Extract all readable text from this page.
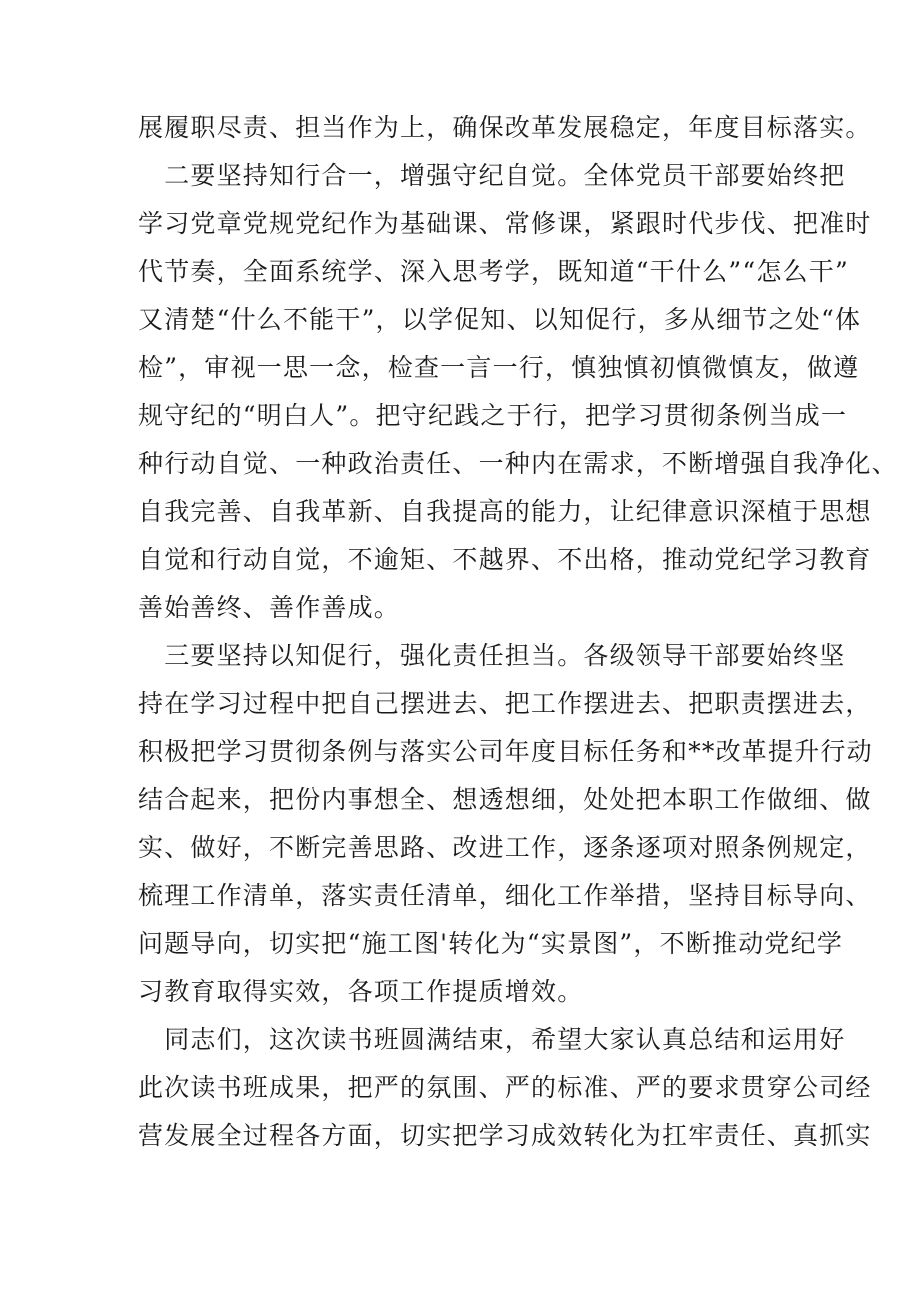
展履职尽责、担当作为上，确保改革发展稳定，年度目标落实。
　二要坚持知行合一，增强守纪自觉。全体党员干部要始终把
学习党章党规党纪作为基础课、常修课，紧跟时代步伐、把准时
代节奏，全面系统学、深入思考学，既知道“干什么”“怎么干”
又清楚“什么不能干”，以学促知、以知促行，多从细节之处“体
检”，审视一思一念，检查一言一行，慎独慎初慎微慎友，做遵
规守纪的“明白人”。把守纪践之于行，把学习贯彻条例当成一
种行动自觉、一种政治责任、一种内在需求，不断增强自我净化、
自我完善、自我革新、自我提高的能力，让纪律意识深植于思想
自觉和行动自觉，不逾矩、不越界、不出格，推动党纪学习教育
善始善终、善作善成。
　三要坚持以知促行，强化责任担当。各级领导干部要始终坚
持在学习过程中把自己摆进去、把工作摆进去、把职责摆进去，
积极把学习贯彻条例与落实公司年度目标任务和**改革提升行动
结合起来，把份内事想全、想透想细，处处把本职工作做细、做
实、做好，不断完善思路、改进工作，逐条逐项对照条例规定，
梳理工作清单，落实责任清单，细化工作举措，坚持目标导向、
问题导向，切实把“施工图'转化为“实景图”，不断推动党纪学
习教育取得实效，各项工作提质增效。
　同志们，这次读书班圆满结束，希望大家认真总结和运用好
此次读书班成果，把严的氛围、严的标准、严的要求贯穿公司经
营发展全过程各方面，切实把学习成效转化为扛牢责任、真抓实
